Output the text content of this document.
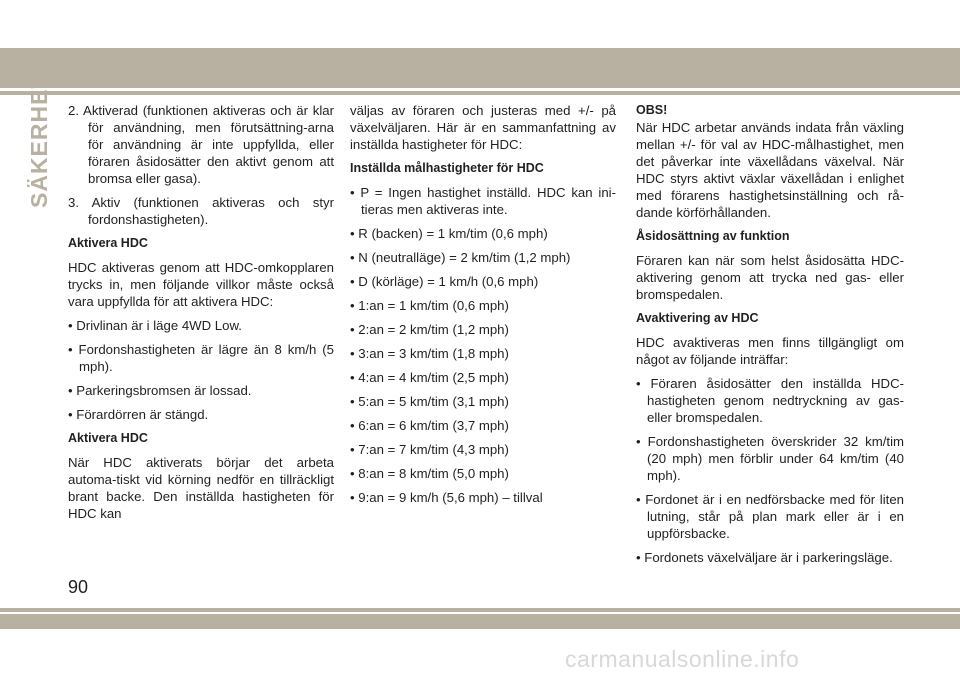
SÄKERHET 2. Aktiverad (funktionen aktiveras och är klar för användning, men förutsättning-arna för användning är inte uppfyllda, eller föraren åsidosätter den aktivt genom att bromsa eller gasa).
3. Aktiv (funktionen aktiveras och styr fordonshastigheten).
Aktivera HDC
HDC aktiveras genom att HDC-omkopplaren trycks in, men följande villkor måste också vara uppfyllda för att aktivera HDC:
• Drivlinan är i läge 4WD Low.
• Fordonshastigheten är lägre än 8 km/h (5 mph).
• Parkeringsbromsen är lossad.
• Förardörren är stängd.
Aktivera HDC
När HDC aktiverats börjar det arbeta automa-tiskt vid körning nedför en tillräckligt brant backe. Den inställda hastigheten för HDC kan
väljas av föraren och justeras med +/- på växelväljaren. Här är en sammanfattning av inställda hastigheter för HDC:
Inställda målhastigheter för HDC
• P = Ingen hastighet inställd. HDC kan ini-tieras men aktiveras inte.
• R (backen) = 1 km/tim (0,6 mph)
• N (neutralläge) = 2 km/tim (1,2 mph)
• D (körläge) = 1 km/h (0,6 mph)
• 1:an = 1 km/tim (0,6 mph)
• 2:an = 2 km/tim (1,2 mph)
• 3:an = 3 km/tim (1,8 mph)
• 4:an = 4 km/tim (2,5 mph)
• 5:an = 5 km/tim (3,1 mph)
• 6:an = 6 km/tim (3,7 mph)
• 7:an = 7 km/tim (4,3 mph)
• 8:an = 8 km/tim (5,0 mph)
• 9:an = 9 km/h (5,6 mph) – tillval
OBS!
När HDC arbetar används indata från växling mellan +/- för val av HDC-målhastighet, men det påverkar inte växellådans växelval. När HDC styrs aktivt växlar växellådan i enlighet med förarens hastighetsinställning och rå-dande körförhållanden.
Åsidosättning av funktion
Föraren kan när som helst åsidosätta HDC-aktivering genom att trycka ned gas- eller bromspedalen.
Avaktivering av HDC
HDC avaktiveras men finns tillgängligt om något av följande inträffar:
• Föraren åsidosätter den inställda HDC-hastigheten genom nedtryckning av gas-eller bromspedalen.
• Fordonshastigheten överskrider 32 km/tim (20 mph) men förblir under 64 km/tim (40 mph).
• Fordonet är i en nedförsbacke med för liten lutning, står på plan mark eller är i en uppförsbacke.
• Fordonets växelväljare är i parkeringsläge.
90
carmanualsonline.info
